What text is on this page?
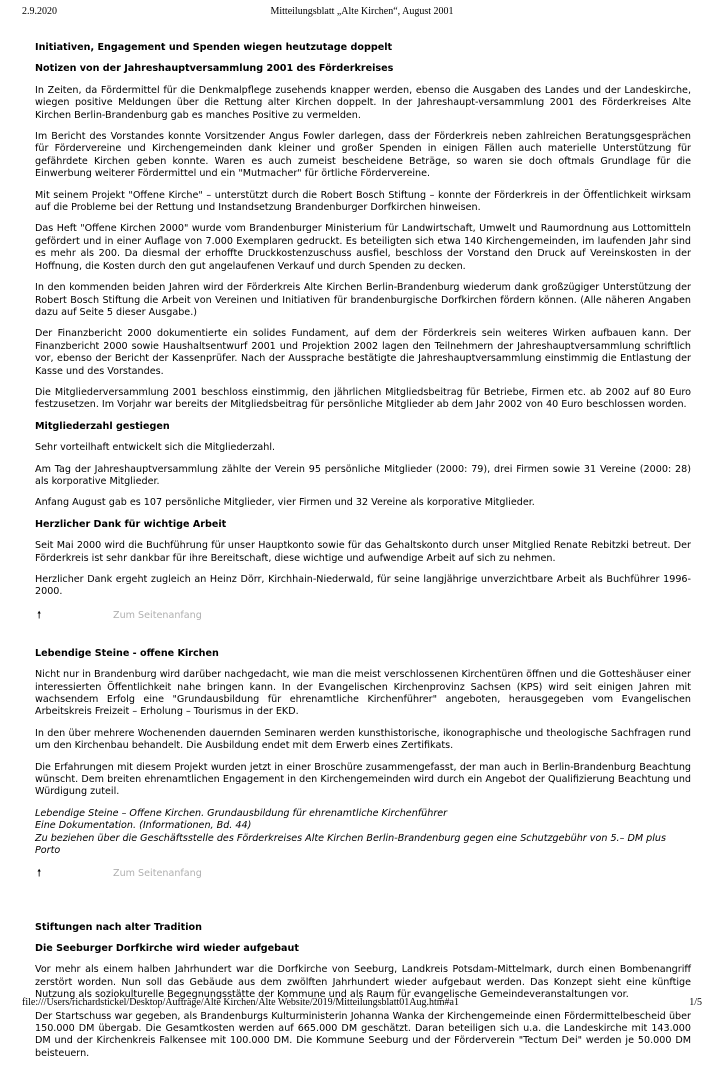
2.9.2020	Mitteilungsblatt „Alte Kirchen“, August 2001
Initiativen, Engagement und Spenden wiegen heutzutage doppelt
Notizen von der Jahreshauptversammlung 2001 des Förderkreises

In Zeiten, da Fördermittel für die Denkmalpflege zusehends knapper werden, ebenso die Ausgaben des Landes und der Landeskirche, wiegen positive Meldungen über die Rettung alter Kirchen doppelt. In der Jahreshaupt-versammlung 2001 des Förderkreises Alte Kirchen Berlin-Brandenburg gab es manches Positive zu vermelden.

Im Bericht des Vorstandes konnte Vorsitzender Angus Fowler darlegen, dass der Förderkreis neben zahlreichen Beratungsgesprächen für Fördervereine und Kirchengemeinden dank kleiner und großer Spenden in einigen Fällen auch materielle Unterstützung für gefährdete Kirchen geben konnte. Waren es auch zumeist bescheidene Beträge, so waren sie doch oftmals Grundlage für die Einwerbung weiterer Fördermittel und ein "Mutmacher" für örtliche Fördervereine.

Mit seinem Projekt "Offene Kirche" – unterstützt durch die Robert Bosch Stiftung – konnte der Förderkreis in der Öffentlichkeit wirksam auf die Probleme bei der Rettung und Instandsetzung Brandenburger Dorfkirchen hinweisen.

Das Heft "Offene Kirchen 2000" wurde vom Brandenburger Ministerium für Landwirtschaft, Umwelt und Raumordnung aus Lottomitteln gefördert und in einer Auflage von 7.000 Exemplaren gedruckt. Es beteiligten sich etwa 140 Kirchengemeinden, im laufenden Jahr sind es mehr als 200. Da diesmal der erhoffte Druckkostenzuschuss ausfiel, beschloss der Vorstand den Druck auf Vereinskosten in der Hoffnung, die Kosten durch den gut angelaufenen Verkauf und durch Spenden zu decken.

In den kommenden beiden Jahren wird der Förderkreis Alte Kirchen Berlin-Brandenburg wiederum dank großzügiger Unterstützung der Robert Bosch Stiftung die Arbeit von Vereinen und Initiativen für brandenburgische Dorfkirchen fördern können. (Alle näheren Angaben dazu auf Seite 5 dieser Ausgabe.)

Der Finanzbericht 2000 dokumentierte ein solides Fundament, auf dem der Förderkreis sein weiteres Wirken aufbauen kann. Der Finanzbericht 2000 sowie Haushaltsentwurf 2001 und Projektion 2002 lagen den Teilnehmern der Jahreshauptversammlung schriftlich vor, ebenso der Bericht der Kassenprüfer. Nach der Aussprache bestätigte die Jahreshauptversammlung einstimmig die Entlastung der Kasse und des Vorstandes.

Die Mitgliederversammlung 2001 beschloss einstimmig, den jährlichen Mitgliedsbeitrag für Betriebe, Firmen etc. ab 2002 auf 80 Euro festzusetzen. Im Vorjahr war bereits der Mitgliedsbeitrag für persönliche Mitglieder ab dem Jahr 2002 von 40 Euro beschlossen worden.

Mitgliederzahl gestiegen

Sehr vorteilhaft entwickelt sich die Mitgliederzahl.

Am Tag der Jahreshauptversammlung zählte der Verein 95 persönliche Mitglieder (2000: 79), drei Firmen sowie 31 Vereine (2000: 28) als korporative Mitglieder.

Anfang August gab es 107 persönliche Mitglieder, vier Firmen und 32 Vereine als korporative Mitglieder.

Herzlicher Dank für wichtige Arbeit

Seit Mai 2000 wird die Buchführung für unser Hauptkonto sowie für das Gehaltskonto durch unser Mitglied Renate Rebitzki betreut. Der Förderkreis ist sehr dankbar für ihre Bereitschaft, diese wichtige und aufwendige Arbeit auf sich zu nehmen.

Herzlicher Dank ergeht zugleich an Heinz Dörr, Kirchhain-Niederwald, für seine langjährige unverzichtbare Arbeit als Buchführer 1996-2000.

🠕	Zum Seitenanfang
Lebendige Steine - offene Kirchen

Nicht nur in Brandenburg wird darüber nachgedacht, wie man die meist verschlossenen Kirchentüren öffnen und die Gotteshäuser einer interessierten Öffentlichkeit nahe bringen kann. In der Evangelischen Kirchenprovinz Sachsen (KPS) wird seit einigen Jahren mit wachsendem Erfolg eine "Grundausbildung für ehrenamtliche Kirchenführer" angeboten, herausgegeben vom Evangelischen Arbeitskreis Freizeit – Erholung – Tourismus in der EKD.

In den über mehrere Wochenenden dauernden Seminaren werden kunsthistorische, ikonographische und theologische Sachfragen rund um den Kirchenbau behandelt. Die Ausbildung endet mit dem Erwerb eines Zertifikats.

Die Erfahrungen mit diesem Projekt wurden jetzt in einer Broschüre zusammengefasst, der man auch in Berlin-Brandenburg Beachtung wünscht. Dem breiten ehrenamtlichen Engagement in den Kirchengemeinden wird durch ein Angebot der Qualifizierung Beachtung und Würdigung zuteil.

Lebendige Steine – Offene Kirchen. Grundausbildung für ehrenamtliche Kirchenführer
Eine Dokumentation. (Informationen, Bd. 44)
Zu beziehen über die Geschäftsstelle des Förderkreises Alte Kirchen Berlin-Brandenburg gegen eine Schutzgebühr von 5.– DM plus Porto
🠕	Zum Seitenanfang
Stiftungen nach alter Tradition
Die Seeburger Dorfkirche wird wieder aufgebaut

Vor mehr als einem halben Jahrhundert war die Dorfkirche von Seeburg, Landkreis Potsdam-Mittelmark, durch einen Bombenangriff zerstört worden. Nun soll das Gebäude aus dem zwölften Jahrhundert wieder aufgebaut werden. Das Konzept sieht eine künftige Nutzung als soziokulturelle Begegnungsstätte der Kommune und als Raum für evangelische Gemeindeveranstaltungen vor.

Der Startschuss war gegeben, als Brandenburgs Kulturministerin Johanna Wanka der Kirchengemeinde einen Fördermittelbescheid über 150.000 DM übergab. Die Gesamtkosten werden auf 665.000 DM geschätzt. Daran beteiligen sich u.a. die Landeskirche mit 143.000 DM und der Kirchenkreis Falkensee mit 100.000 DM. Die Kommune Seeburg und der Förderverein "Tectum Dei" werden je 50.000 DM beisteuern.

file:///Users/richardstickel/Desktop/Aufträge/Alte Kirchen/Alte Website/2019/Mitteilungsblatt01Aug.htm#a1	1/5
